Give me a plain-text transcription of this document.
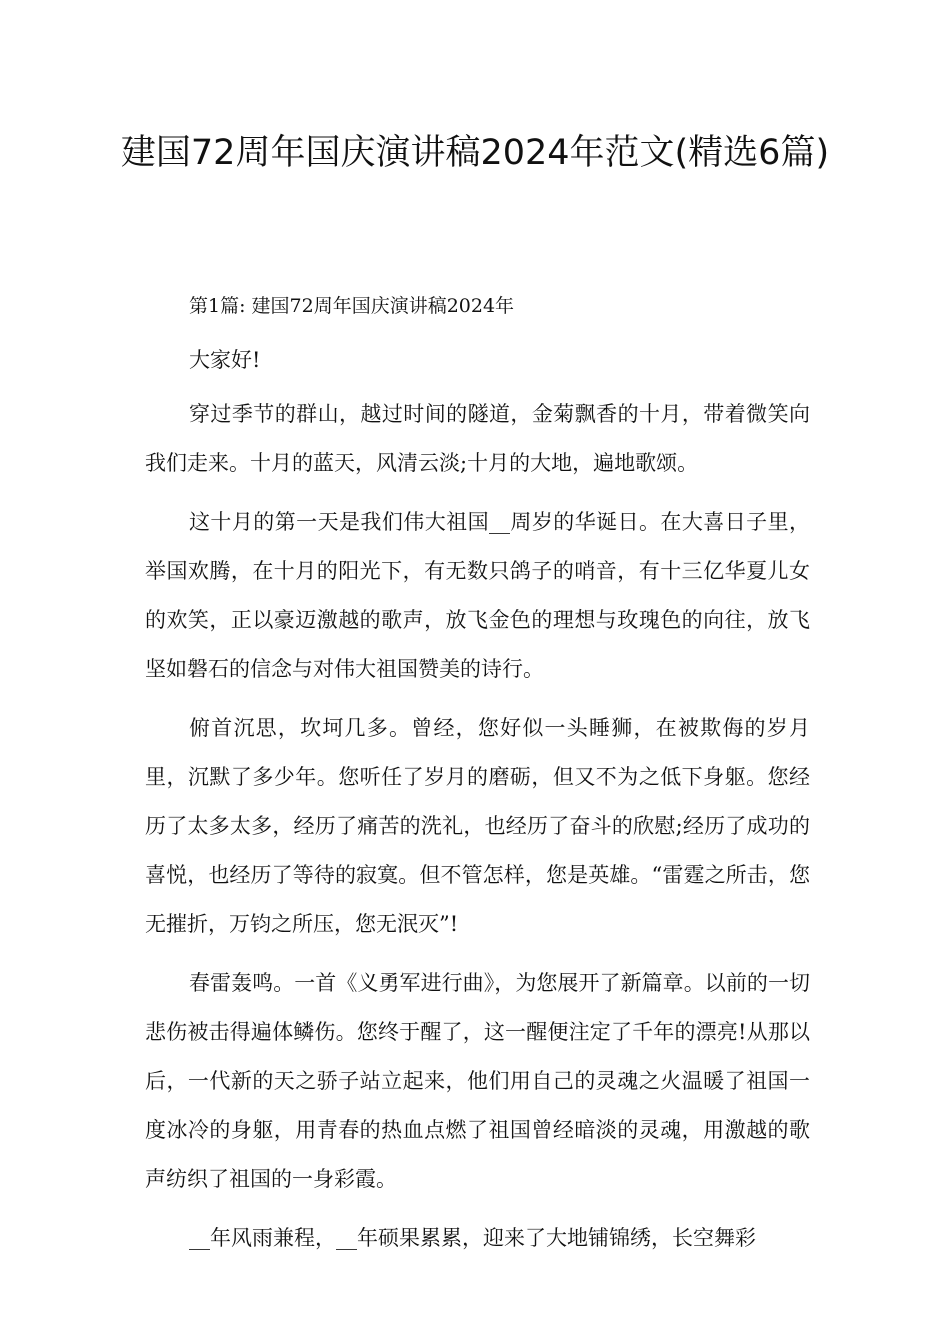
建国72周年国庆演讲稿2024年范文(精选6篇)

第1篇: 建国72周年国庆演讲稿2024年

大家好!

穿过季节的群山，越过时间的隧道，金菊飘香的十月，带着微笑向我们走来。十月的蓝天，风清云淡;十月的大地，遍地歌颂。

这十月的第一天是我们伟大祖国__周岁的华诞日。在大喜日子里，举国欢腾，在十月的阳光下，有无数只鸽子的哨音，有十三亿华夏儿女的欢笑，正以豪迈激越的歌声，放飞金色的理想与玫瑰色的向往，放飞坚如磐石的信念与对伟大祖国赞美的诗行。

俯首沉思，坎坷几多。曾经，您好似一头睡狮，在被欺侮的岁月里，沉默了多少年。您听任了岁月的磨砺，但又不为之低下身躯。您经历了太多太多，经历了痛苦的洗礼，也经历了奋斗的欣慰;经历了成功的喜悦，也经历了等待的寂寞。但不管怎样，您是英雄。“雷霆之所击，您无摧折，万钧之所压，您无泯灭”!

春雷轰鸣。一首《义勇军进行曲》，为您展开了新篇章。以前的一切悲伤被击得遍体鳞伤。您终于醒了，这一醒便注定了千年的漂亮!从那以后，一代新的天之骄子站立起来，他们用自己的灵魂之火温暖了祖国一度冰冷的身躯，用青春的热血点燃了祖国曾经暗淡的灵魂，用激越的歌声纺织了祖国的一身彩霞。

__年风雨兼程，__年硕果累累，迎来了大地铺锦绣，长空舞彩
